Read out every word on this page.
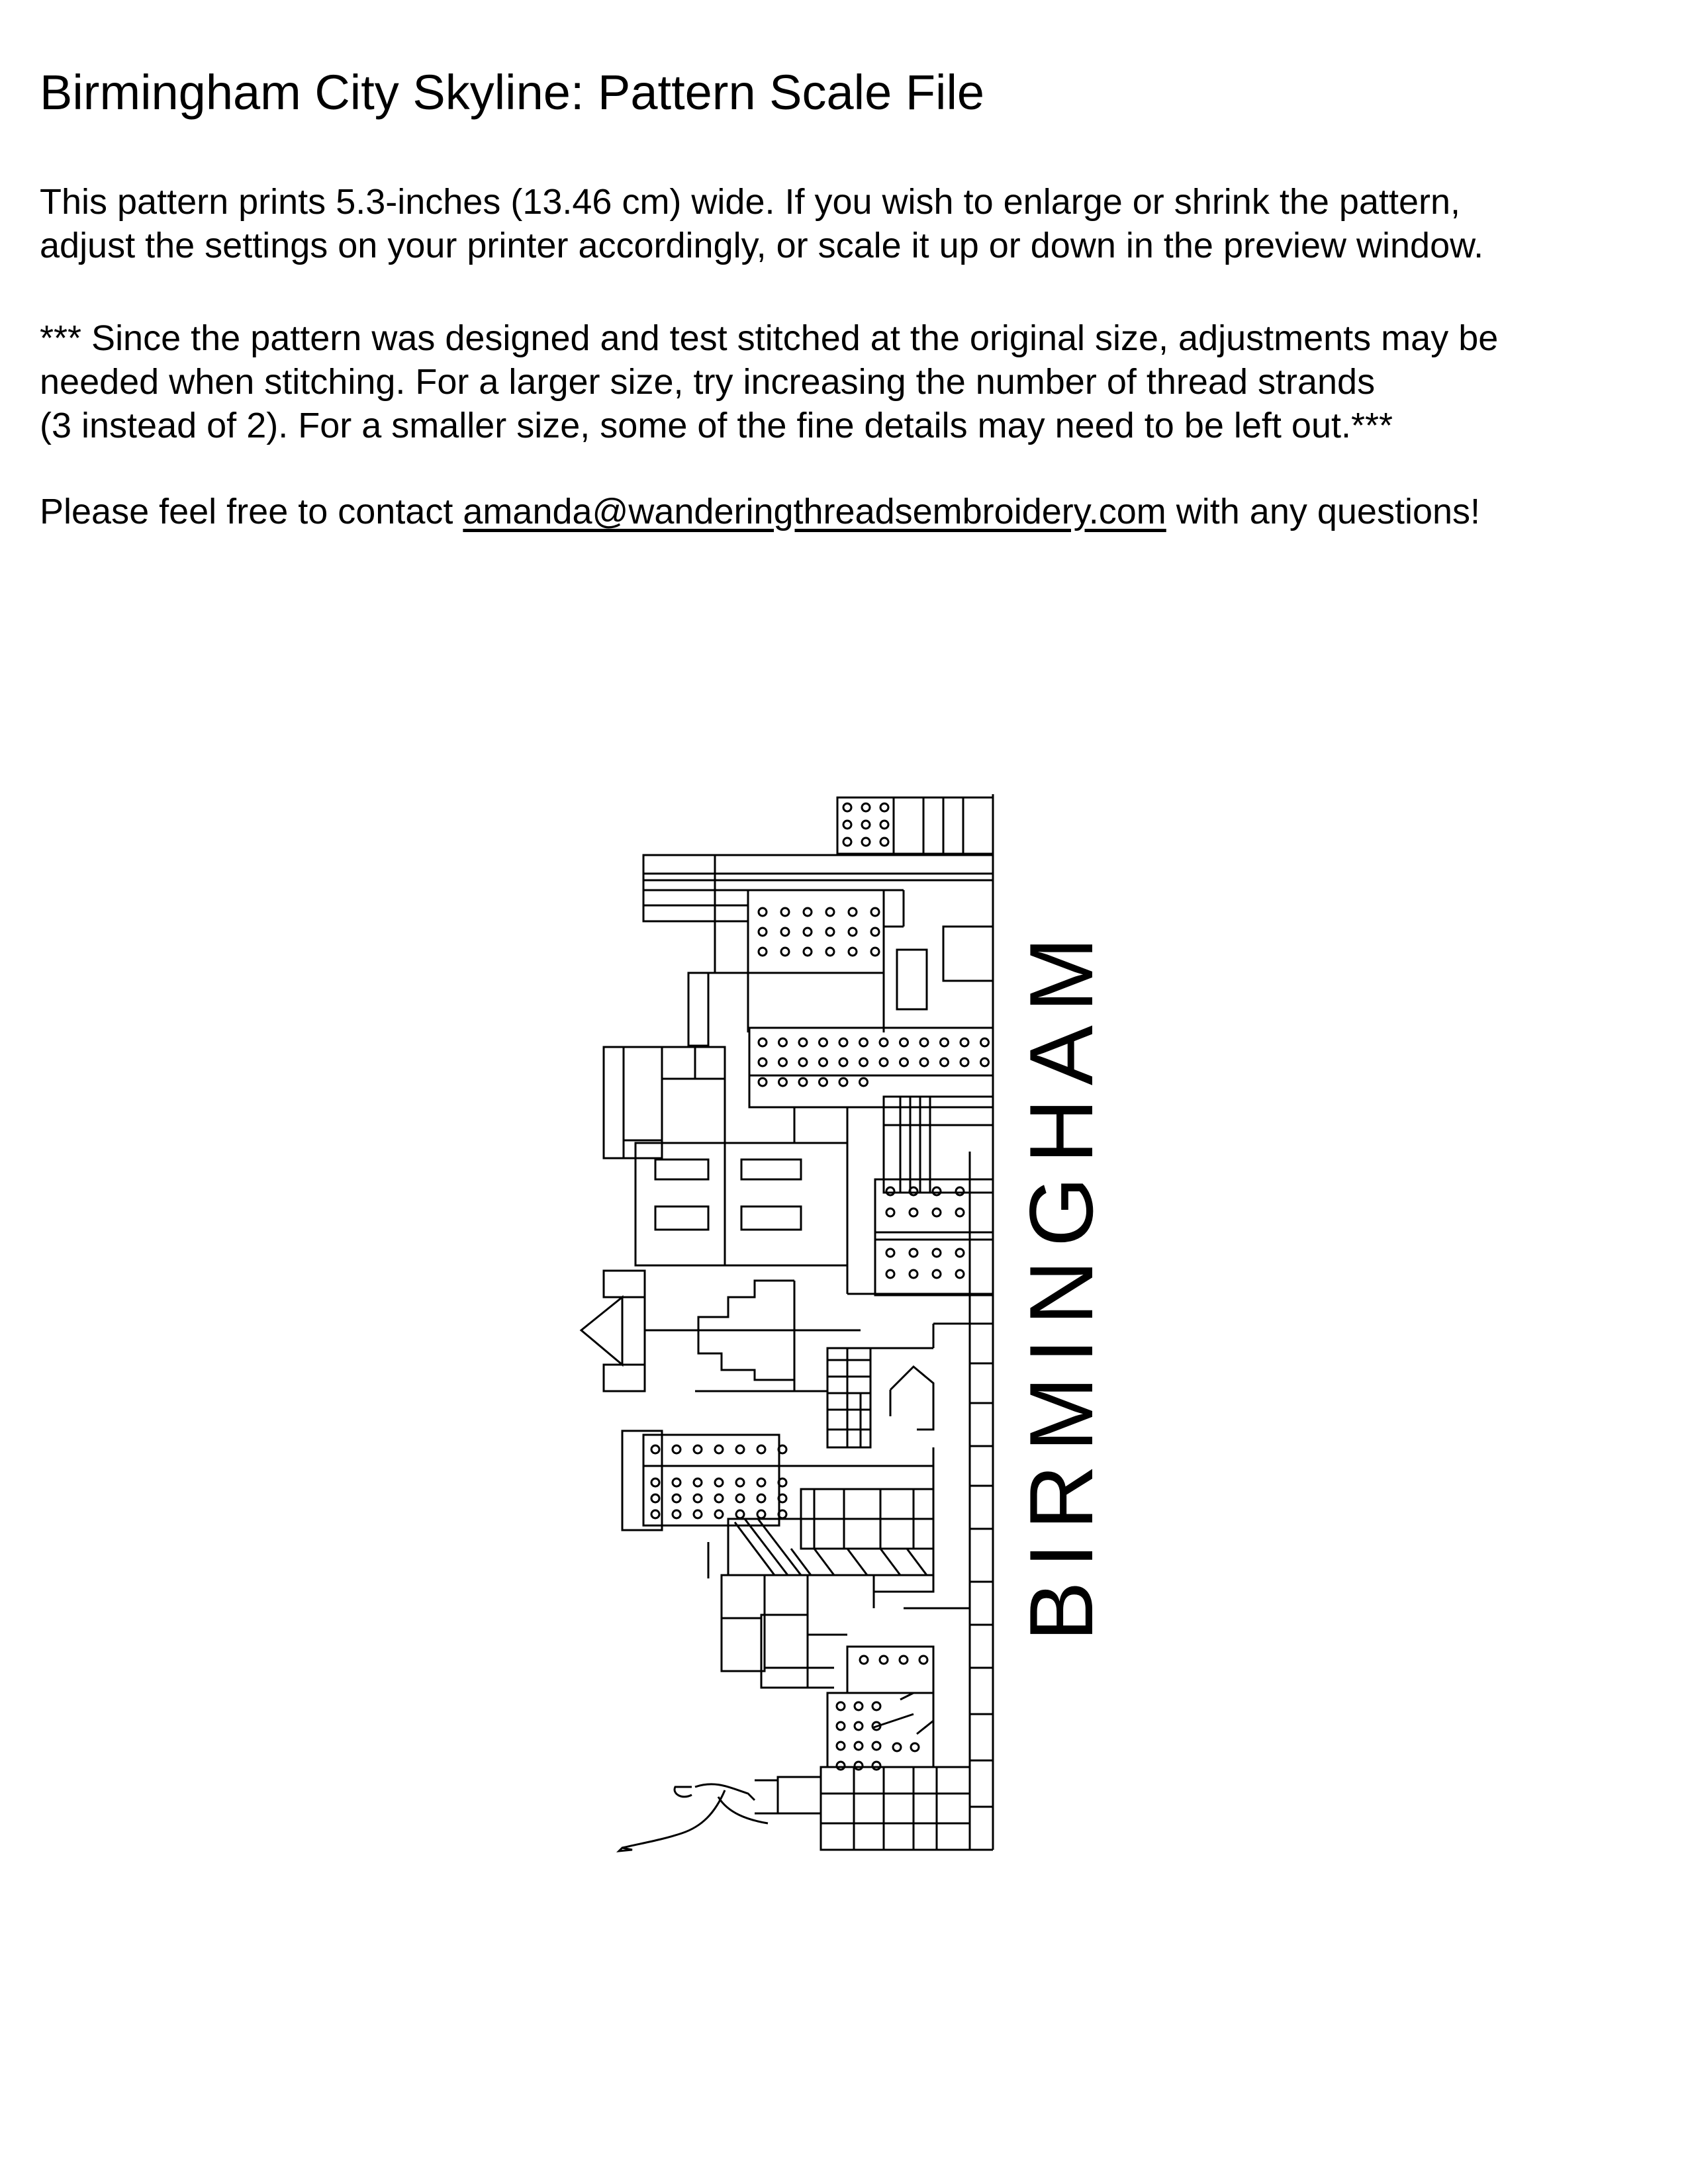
Birmingham City Skyline: Pattern Scale File

This pattern prints 5.3-inches (13.46 cm) wide. If you wish to enlarge or shrink the pattern,
adjust the settings on your printer accordingly, or scale it up or down in the preview window.

*** Since the pattern was designed and test stitched at the original size, adjustments may be
needed when stitching. For a larger size, try increasing the number of thread strands
(3 instead of 2). For a smaller size, some of the fine details may need to be left out.***

Please feel free to contact amanda@wanderingthreadsembroidery.com with any questions!

BIRMINGHAM
